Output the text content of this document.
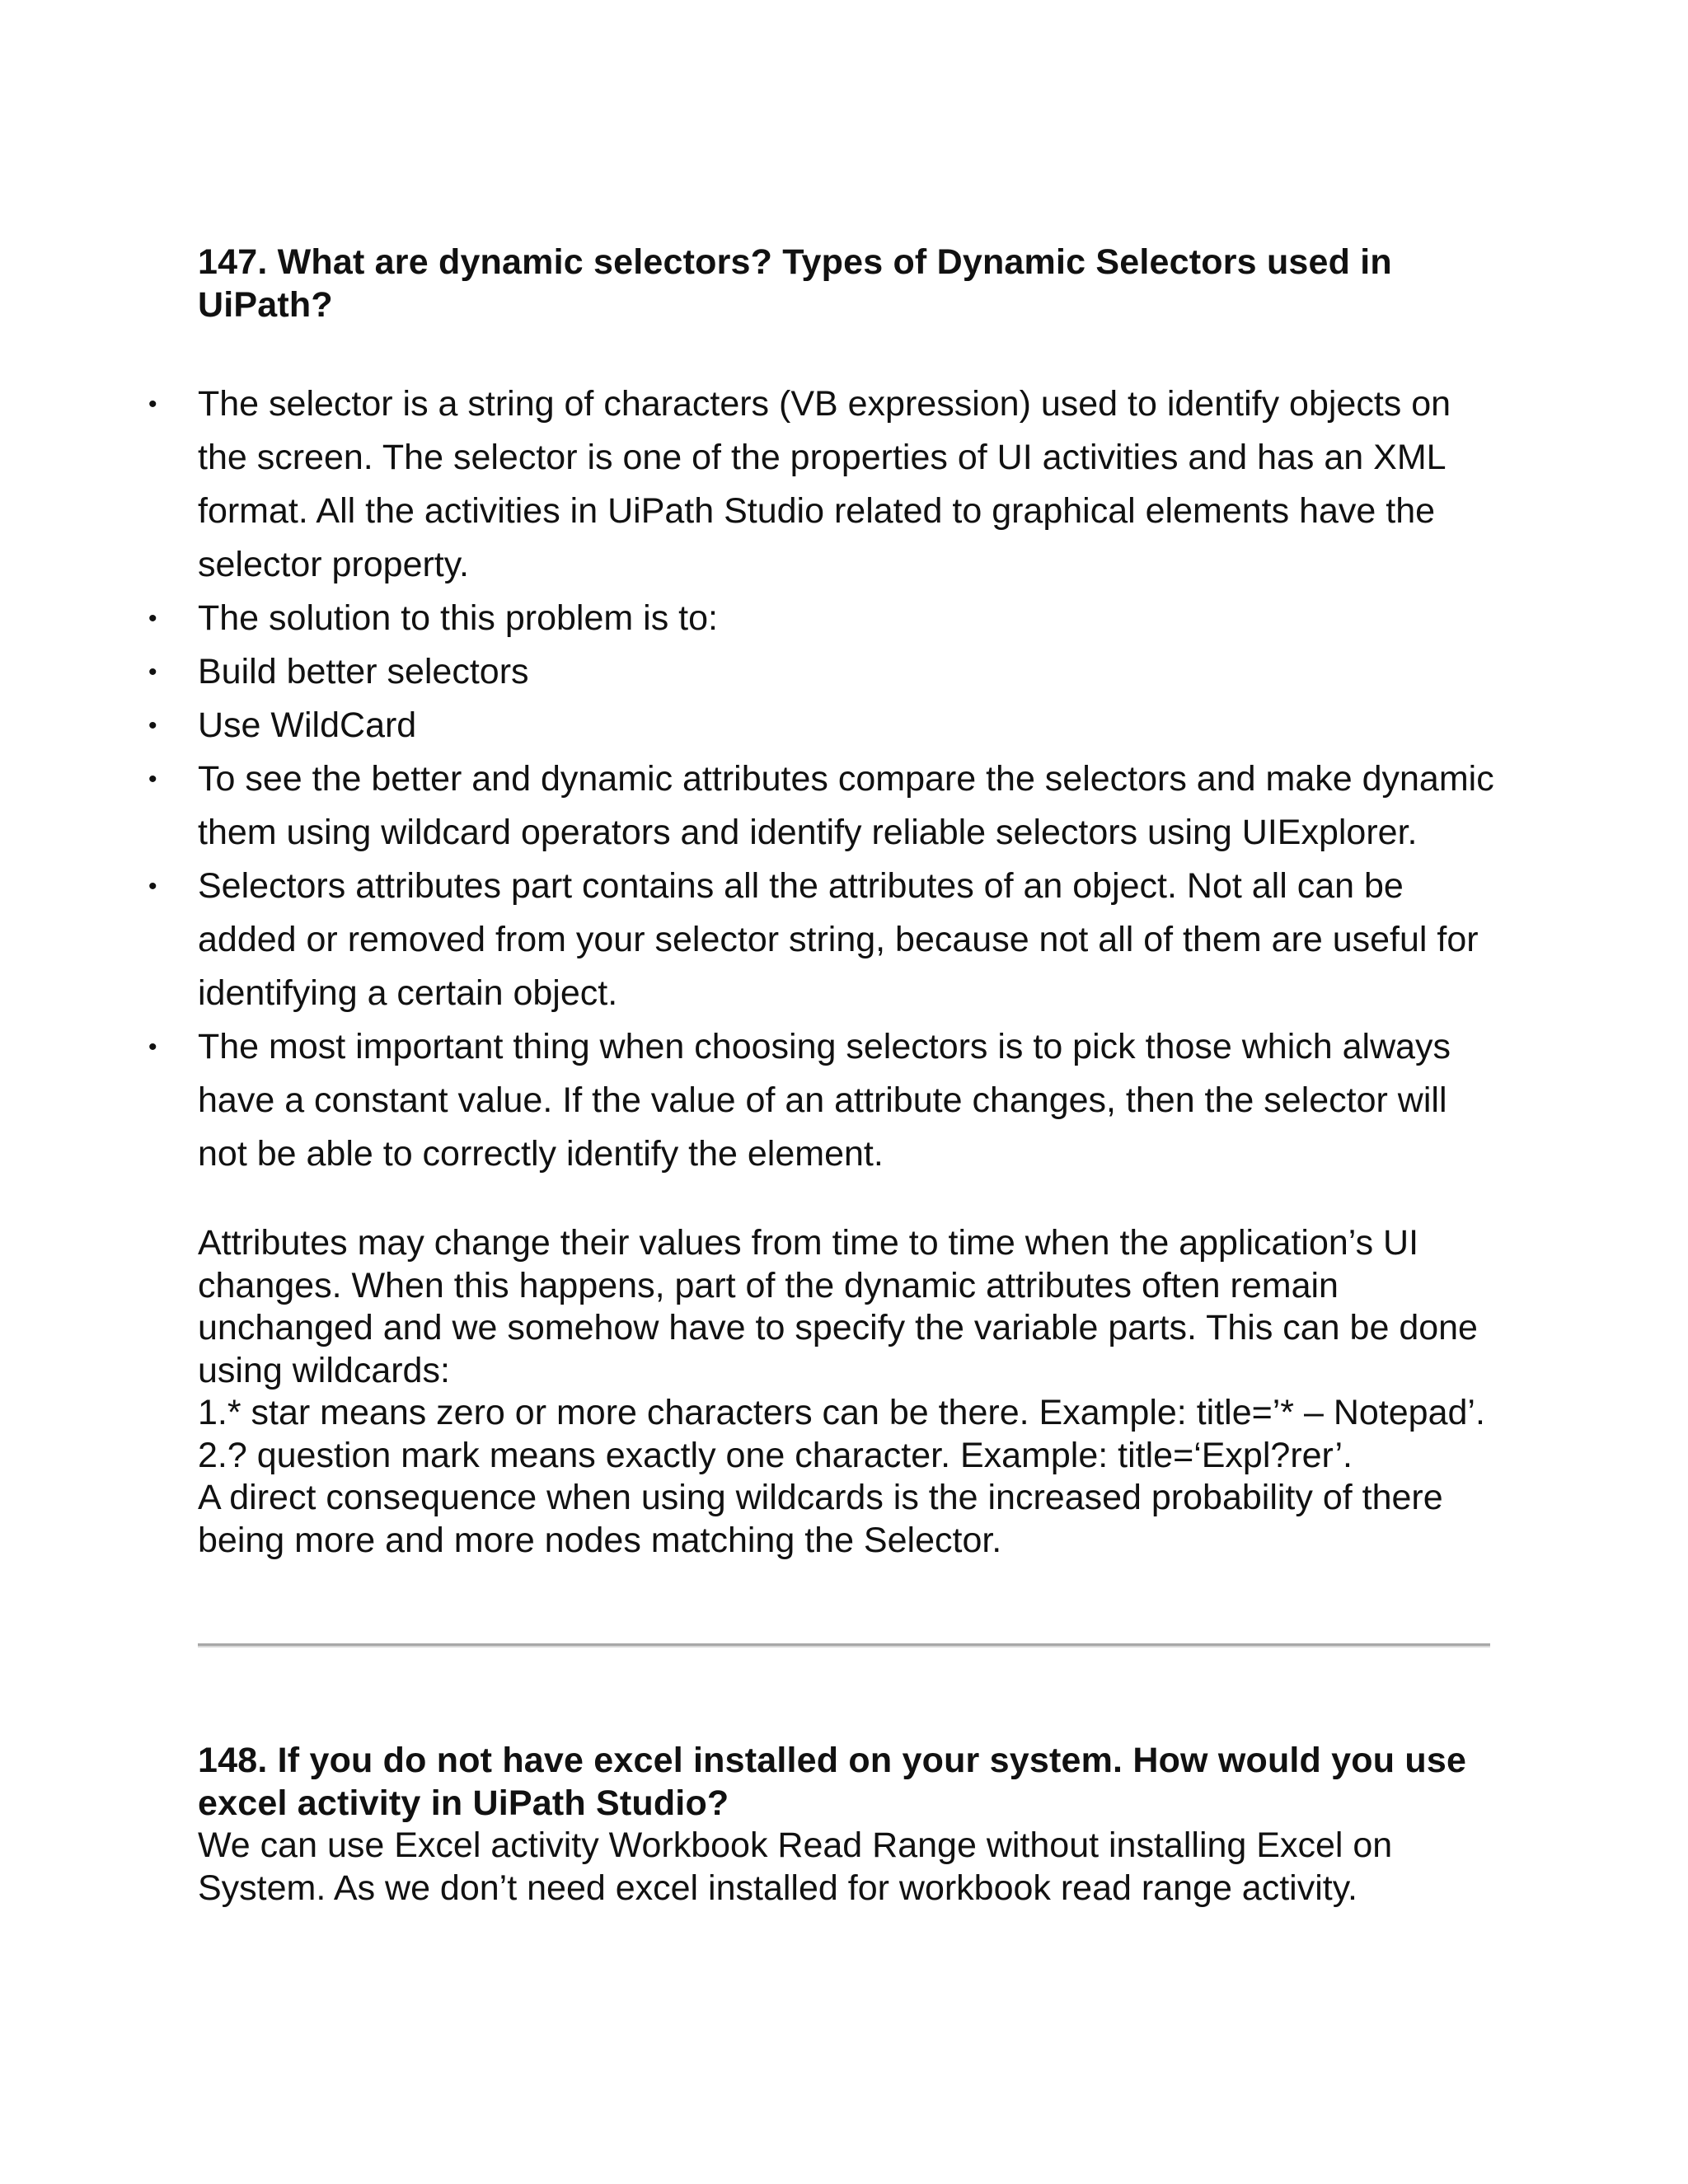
147. What are dynamic selectors? Types of Dynamic Selectors used in UiPath?
• The selector is a string of characters (VB expression) used to identify objects on the screen. The selector is one of the properties of UI activities and has an XML format. All the activities in UiPath Studio related to graphical elements have the selector property.
• The solution to this problem is to:
• Build better selectors
• Use WildCard
• To see the better and dynamic attributes compare the selectors and make dynamic them using wildcard operators and identify reliable selectors using UIExplorer.
• Selectors attributes part contains all the attributes of an object. Not all can be added or removed from your selector string, because not all of them are useful for identifying a certain object.
• The most important thing when choosing selectors is to pick those which always have a constant value. If the value of an attribute changes, then the selector will not be able to correctly identify the element.

Attributes may change their values from time to time when the application’s UI changes. When this happens, part of the dynamic attributes often remain unchanged and we somehow have to specify the variable parts. This can be done using wildcards:

1.* star means zero or more characters can be there. Example: title=’* – Notepad’.

2.? question mark means exactly one character. Example: title=‘Expl?rer’.

A direct consequence when using wildcards is the increased probability of there being more and more nodes matching the Selector.

148. If you do not have excel installed on your system. How would you use excel activity in UiPath Studio?

We can use Excel activity Workbook Read Range without installing Excel on System. As we don’t need excel installed for workbook read range activity.
